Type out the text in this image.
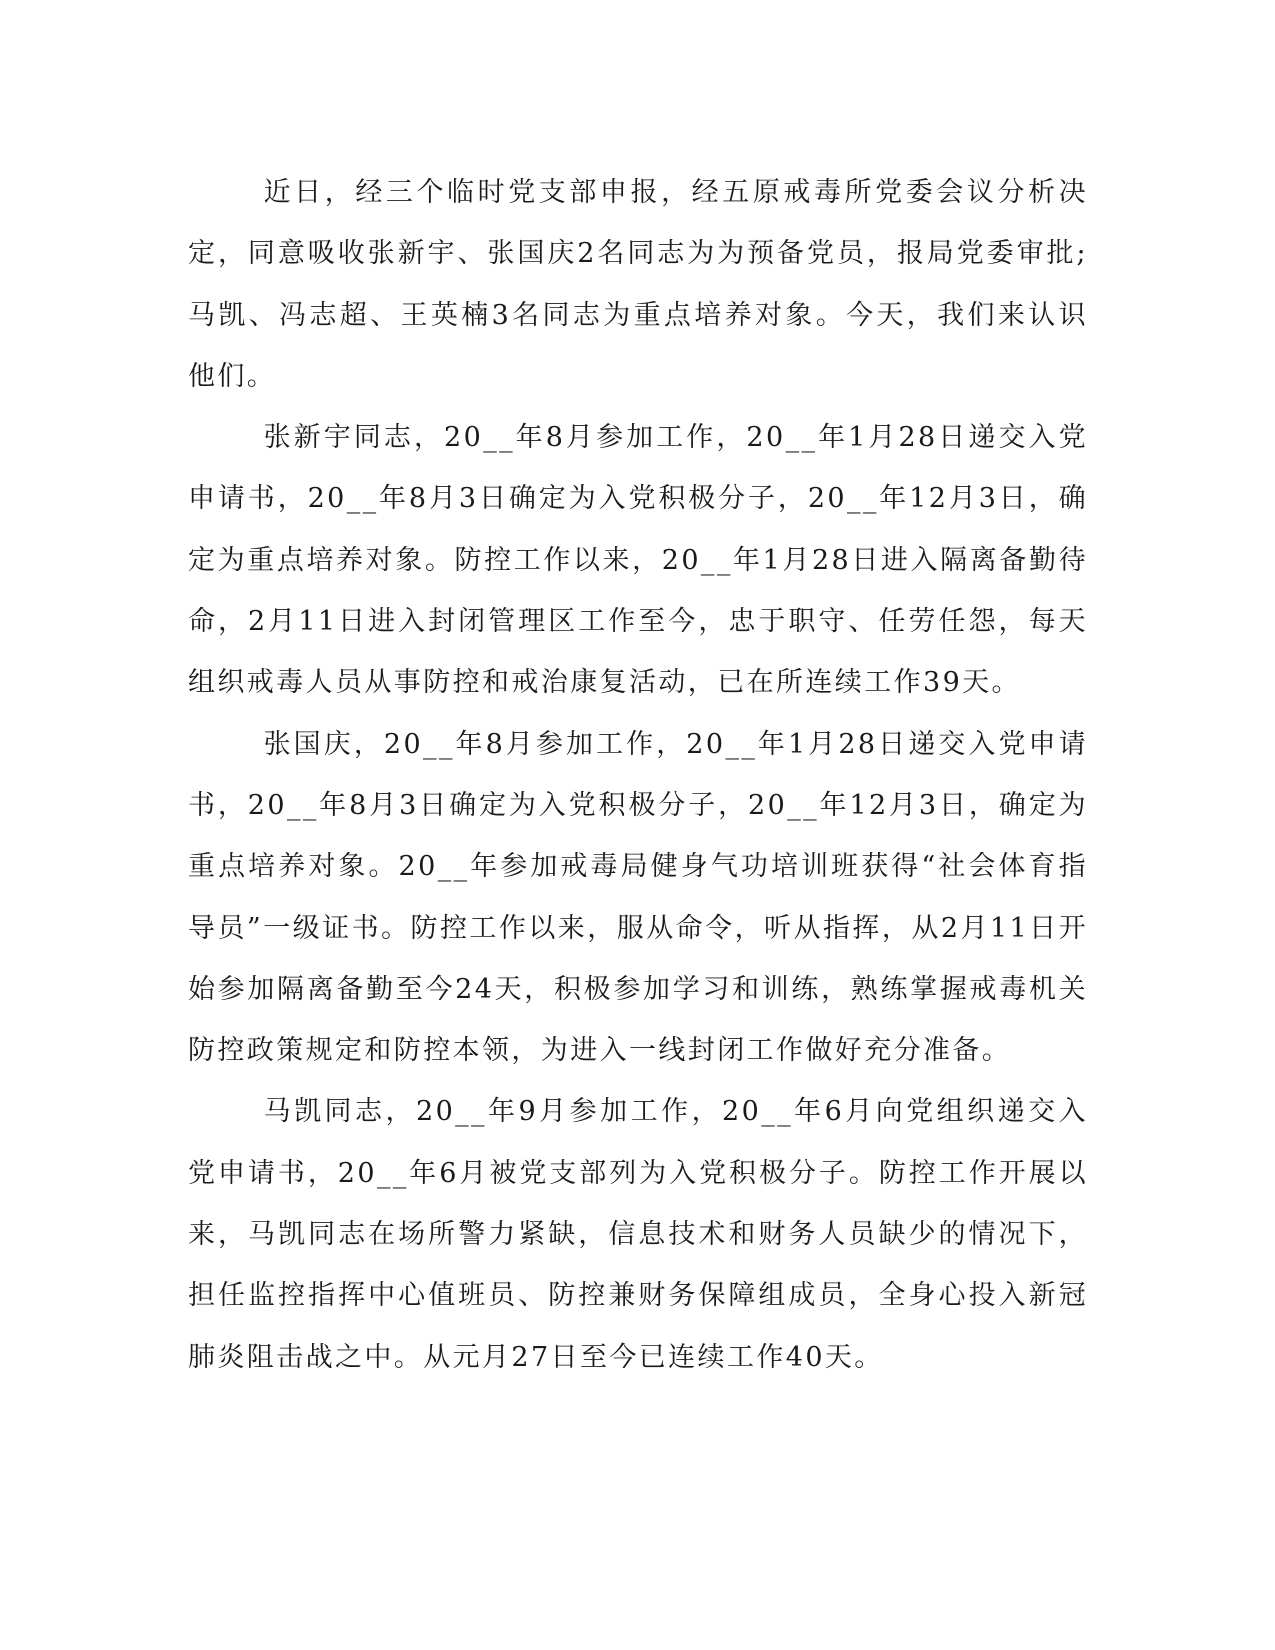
近日，经三个临时党支部申报，经五原戒毒所党委会议分析决定，同意吸收张新宇、张国庆2名同志为为预备党员，报局党委审批;马凯、冯志超、王英楠3名同志为重点培养对象。今天，我们来认识他们。

张新宇同志，20__年8月参加工作，20__年1月28日递交入党申请书，20__年8月3日确定为入党积极分子，20__年12月3日，确定为重点培养对象。防控工作以来，20__年1月28日进入隔离备勤待命，2月11日进入封闭管理区工作至今，忠于职守、任劳任怨，每天组织戒毒人员从事防控和戒治康复活动，已在所连续工作39天。

张国庆，20__年8月参加工作，20__年1月28日递交入党申请书，20__年8月3日确定为入党积极分子，20__年12月3日，确定为重点培养对象。20__年参加戒毒局健身气功培训班获得“社会体育指导员”一级证书。防控工作以来，服从命令，听从指挥，从2月11日开始参加隔离备勤至今24天，积极参加学习和训练，熟练掌握戒毒机关防控政策规定和防控本领，为进入一线封闭工作做好充分准备。

马凯同志，20__年9月参加工作，20__年6月向党组织递交入党申请书，20__年6月被党支部列为入党积极分子。防控工作开展以来，马凯同志在场所警力紧缺，信息技术和财务人员缺少的情况下，担任监控指挥中心值班员、防控兼财务保障组成员，全身心投入新冠肺炎阻击战之中。从元月27日至今已连续工作40天。
